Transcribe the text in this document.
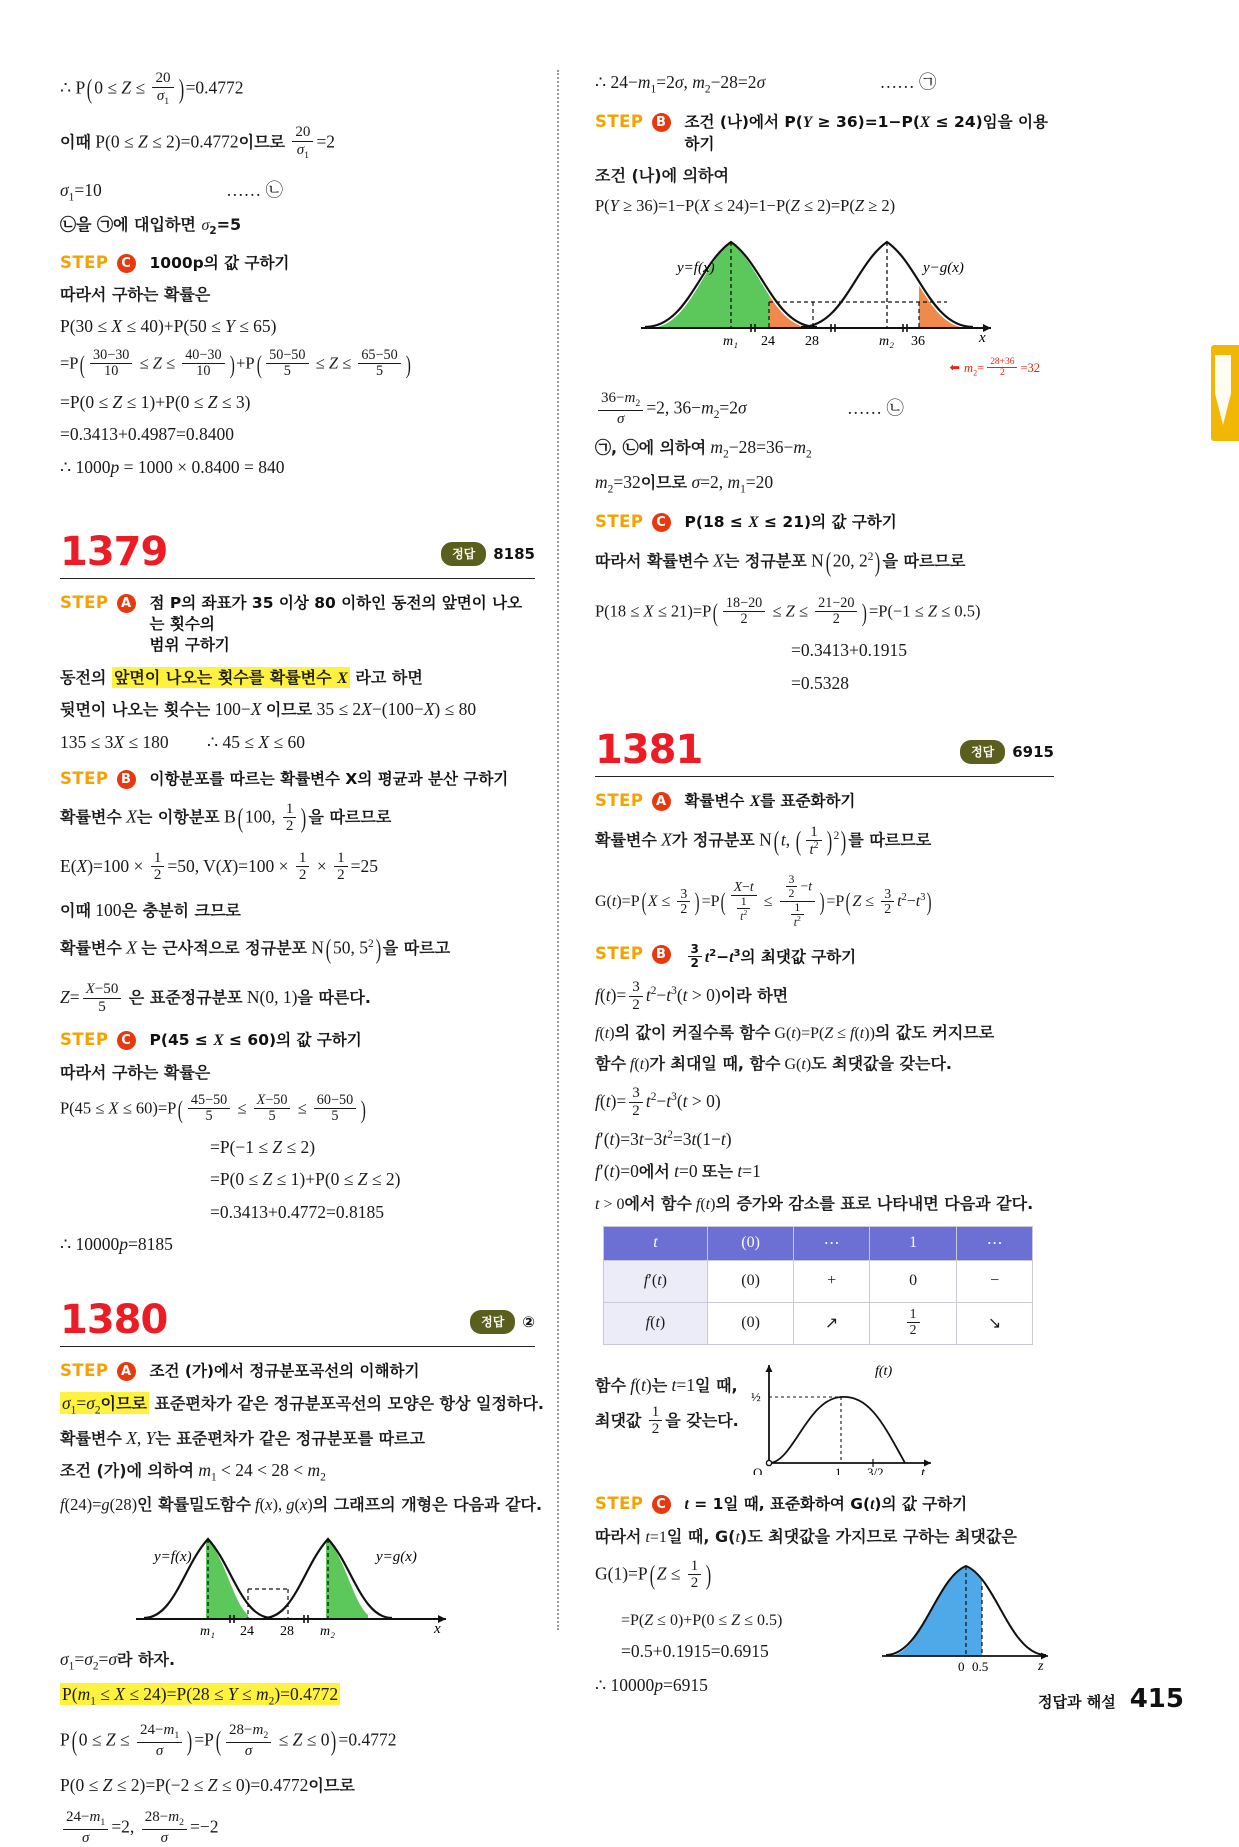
∴ P( $0 \le Z \le \frac{20}{\sigma_1}$ ) =0.4772
이때 P(0 ≤ Z ≤ 2)=0.4772이므로 $\frac{20}{\sigma_1} =2$
$\sigma_1=10$	…… ㉡
㉡을 ㉠에 대입하면 $\sigma_2=5$
STEP C	1000p의 값 구하기
따라서 구하는 확률은
P(30 ≤ X ≤ 40)+P(50 ≤ Y ≤ 65)
$=P( \frac{30-30}{10} \le Z \le \frac{40-30}{10}$ ) $+P( \frac{50-50}{5} \le Z \le \frac{65-50}{5}$ )
=P(0 ≤ Z ≤ 1)+P(0 ≤ Z ≤ 3)
=0.3413+0.4987=0.8400
∴ 1000p = 1000 × 0.8400 = 840
1379	정답	8185
STEP A	점 P의 좌표가 35 이상 80 이하인 동전의 앞면이 나오는 횟수의
범위 구하기
동전의 앞면이 나오는 횟수를 확률변수 X 라고 하면
뒷면이 나오는 횟수는 100−X 이므로 35 ≤ 2X−(100−X) ≤ 80
135 ≤ 3X ≤ 180 ∴ 45 ≤ X ≤ 60
STEP B	이항분포를 따르는 확률변수 X의 평균과 분산 구하기
확률변수 X는 이항분포 B( 100, $\frac{1}{2}$ ) 을 따르므로
$E(X)=100 \times \frac{1}{2} =50$, $V(X)=100 \times \frac{1}{2} \times \frac{1}{2} =25$
이때 100은 충분히 크므로
확률변수 X 는 근사적으로 정규분포 N( 50, $5^2$) 을 따르고
$Z= \frac{X-50}{5}$ 은 표준정규분포 N(0, 1)을 따른다.
STEP C	P(45 ≤ X ≤ 60)의 값 구하기
따라서 구하는 확률은
$P(45 \le X \le 60)=P( \frac{45-50}{5} \le \frac{X-50}{5} \le \frac{60-50}{5}$ )
=P(−1 ≤ Z ≤ 2)
=P(0 ≤ Z ≤ 1)+P(0 ≤ Z ≤ 2)
=0.3413+0.4772=0.8185
∴ 10000p=8185
1380	정답	②
STEP A	조건 (가)에서 정규분포곡선의 이해하기
$\sigma_1=\sigma_2$이므로 표준편차가 같은 정규분포곡선의 모양은 항상 일정하다.
확률변수 X, Y는 표준편차가 같은 정규분포를 따르고
조건 (가)에 의하여 $m_1 < 24 < 28 < m_2$
f(24)=g(28)인 확률밀도함수 f(x), g(x)의 그래프의 개형은 다음과 같다.
y=f(x)	y=g(x)
m₁ 24 28 m₂	x
$\sigma_1=\sigma_2=\sigma$라 하자.
$P(m_1 \le X \le 24)=P(28 \le Y \le m_2)=0.4772$
P( $0 \le Z \le \frac{24-m_1}{\sigma}$ ) $=P( \frac{28-m_2}{\sigma} \le Z \le 0) =0.4772$
P(0 ≤ Z ≤ 2)=P(−2 ≤ Z ≤ 0)=0.4772이므로
$\frac{24-m_1}{\sigma} =2$, $\frac{28-m_2}{\sigma} =-2$
∴ $24-m_1=2\sigma$, $m_2-28=2\sigma$	…… ㉠
STEP B	조건 (나)에서 P(Y ≥ 36)=1−P(X ≤ 24)임을 이용하기
조건 (나)에 의하여
P(Y ≥ 36)=1−P(X ≤ 24)=1−P(Z ≤ 2)=P(Z ≥ 2)
y=f(x)	y−g(x)
m₁ 24 28	m₂ 36	x
⬅ $m_2= \frac{28+36}{2} =32$
$\frac{36-m_2}{\sigma} =2$, $36-m_2=2\sigma$	…… ㉡
㉠, ㉡에 의하여 $m_2-28=36-m_2$
$m_2=32$이므로 σ=2, $m_1=20$
STEP C	P(18 ≤ X ≤ 21)의 값 구하기
따라서 확률변수 X는 정규분포 N( 20, $2^2$) 을 따르므로
$P(18 \le X \le 21)=P( \frac{18-20}{2} \le Z \le \frac{21-20}{2}$ ) =P(−1 ≤ Z ≤ 0.5)
=0.3413+0.1915
=0.5328
1381	정답	6915
STEP A	확률변수 X를 표준화하기
확률변수 X가 정규분포 N( t, ( $\frac{1}{t^2}$ ) $^2$) 를 따르므로
G(t)=P( $X \le \frac{3}{2}$ ) $=P( \frac{X-t}{\frac{1}{t^2}} \le \frac{\frac{3}{2} -t}{\frac{1}{t^2}}$ ) =P( $Z \le \frac{3}{2} t^2-t^3$)
STEP B	$\frac{3}{2} t^2-t^3$의 최댓값 구하기
$f(t)= \frac{3}{2} t^2-t^3(t > 0)$이라 하면
f(t)의 값이 커질수록 함수 G(t)=P(Z ≤ f(t))의 값도 커지므로
함수 f(t)가 최대일 때, 함수 G(t)도 최댓값을 갖는다.
$f(t)= \frac{3}{2} t^2-t^3(t > 0)$
$f'(t)=3t-3t^2=3t(1-t)$
f′(t)=0에서 t=0 또는 t=1
t > 0에서 함수 f(t)의 증가와 감소를 표로 나타내면 다음과 같다.
t	(0)	⋯	1	⋯
f′(t)	(0)	+	0	−
f(t)	(0)	↗	$\frac{1}{2}$	↘
함수 f(t)는 t=1일 때,
최댓값 $\frac{1}{2}$ 을 갖는다.
½
O	1 3/2	t
f(t)
STEP C	t = 1일 때, 표준화하여 G(t)의 값 구하기
따라서 t=1일 때, G(t)도 최댓값을 가지므로 구하는 최댓값은
G(1)=P( $Z \le \frac{1}{2}$ )
=P(Z ≤ 0)+P(0 ≤ Z ≤ 0.5)
=0.5+0.1915=0.6915
∴ 10000p=6915
0 0.5	z
정답과 해설 415
